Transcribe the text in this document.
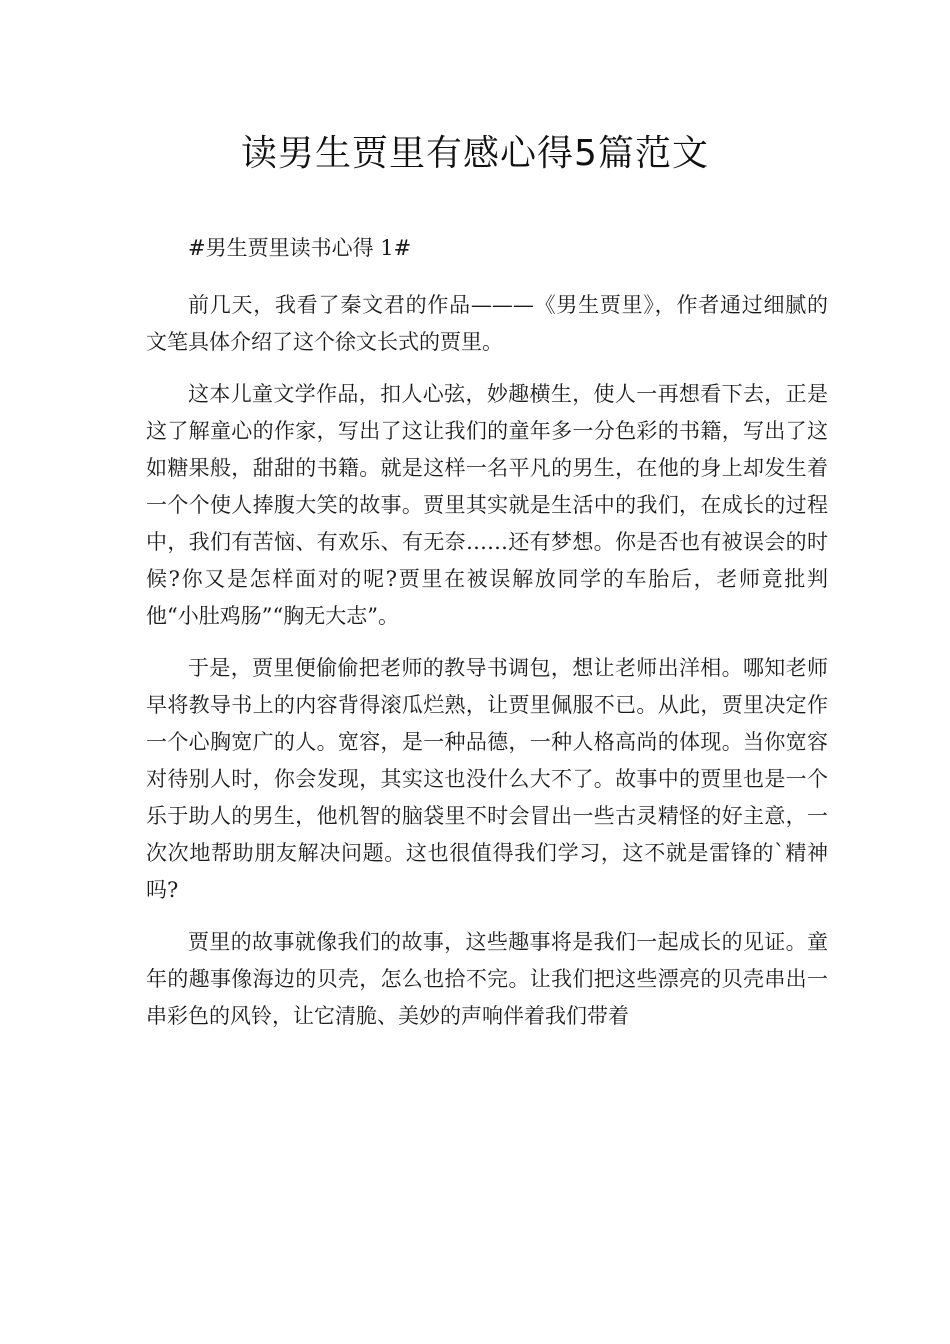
读男生贾里有感心得5篇范文

#男生贾里读书心得 1#

前几天，我看了秦文君的作品———《男生贾里》，作者通过细腻的文笔具体介绍了这个徐文长式的贾里。

这本儿童文学作品，扣人心弦，妙趣横生，使人一再想看下去，正是这了解童心的作家，写出了这让我们的童年多一分色彩的书籍，写出了这如糖果般，甜甜的书籍。就是这样一名平凡的男生，在他的身上却发生着一个个使人捧腹大笑的故事。贾里其实就是生活中的我们，在成长的过程中，我们有苦恼、有欢乐、有无奈……还有梦想。你是否也有被误会的时候?你又是怎样面对的呢?贾里在被误解放同学的车胎后，老师竟批判他“小肚鸡肠”“胸无大志”。

于是，贾里便偷偷把老师的教导书调包，想让老师出洋相。哪知老师早将教导书上的内容背得滚瓜烂熟，让贾里佩服不已。从此，贾里决定作一个心胸宽广的人。宽容，是一种品德，一种人格高尚的体现。当你宽容对待别人时，你会发现，其实这也没什么大不了。故事中的贾里也是一个乐于助人的男生，他机智的脑袋里不时会冒出一些古灵精怪的好主意，一次次地帮助朋友解决问题。这也很值得我们学习，这不就是雷锋的`精神吗?

贾里的故事就像我们的故事，这些趣事将是我们一起成长的见证。童年的趣事像海边的贝壳，怎么也拾不完。让我们把这些漂亮的贝壳串出一串彩色的风铃，让它清脆、美妙的声响伴着我们带着
